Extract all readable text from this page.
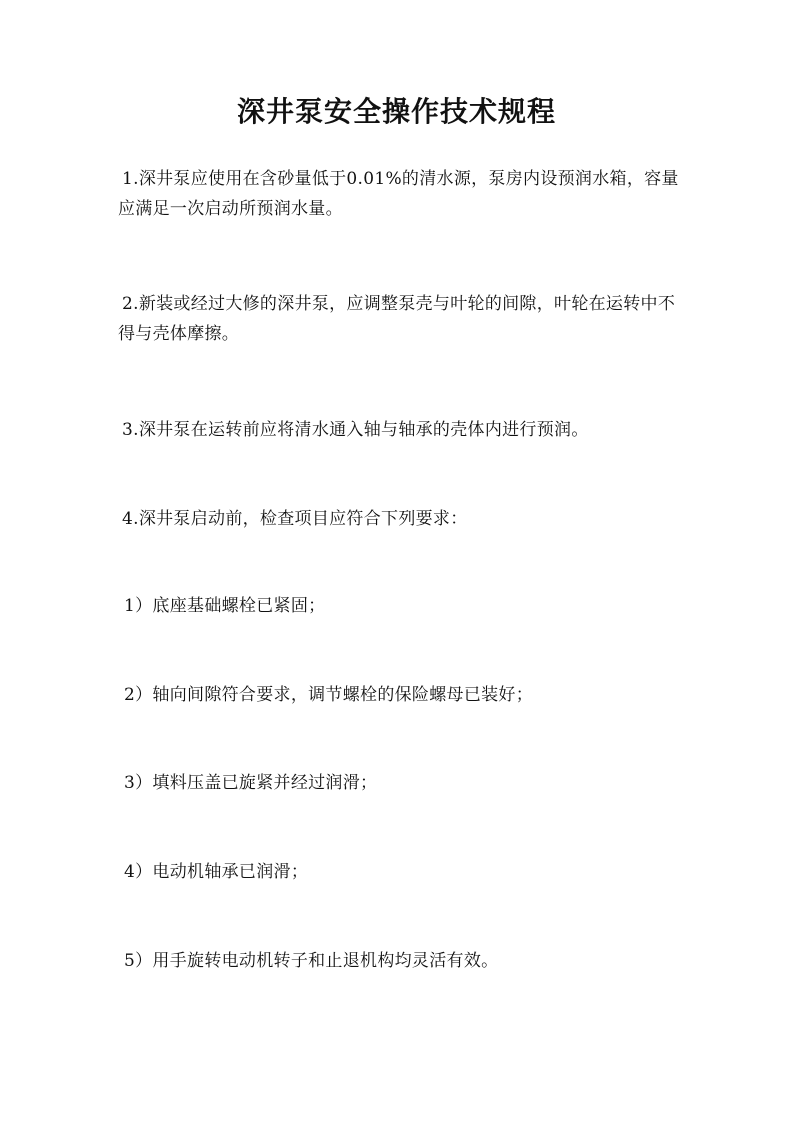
深井泵安全操作技术规程

1.深井泵应使用在含砂量低于0.01%的清水源，泵房内设预润水箱，容量应满足一次启动所预润水量。

2.新装或经过大修的深井泵，应调整泵壳与叶轮的间隙，叶轮在运转中不得与壳体摩擦。

3.深井泵在运转前应将清水通入轴与轴承的壳体内进行预润。

4.深井泵启动前，检查项目应符合下列要求：

1）底座基础螺栓已紧固；

2）轴向间隙符合要求，调节螺栓的保险螺母已装好；

3）填料压盖已旋紧并经过润滑；

4）电动机轴承已润滑；

5）用手旋转电动机转子和止退机构均灵活有效。
